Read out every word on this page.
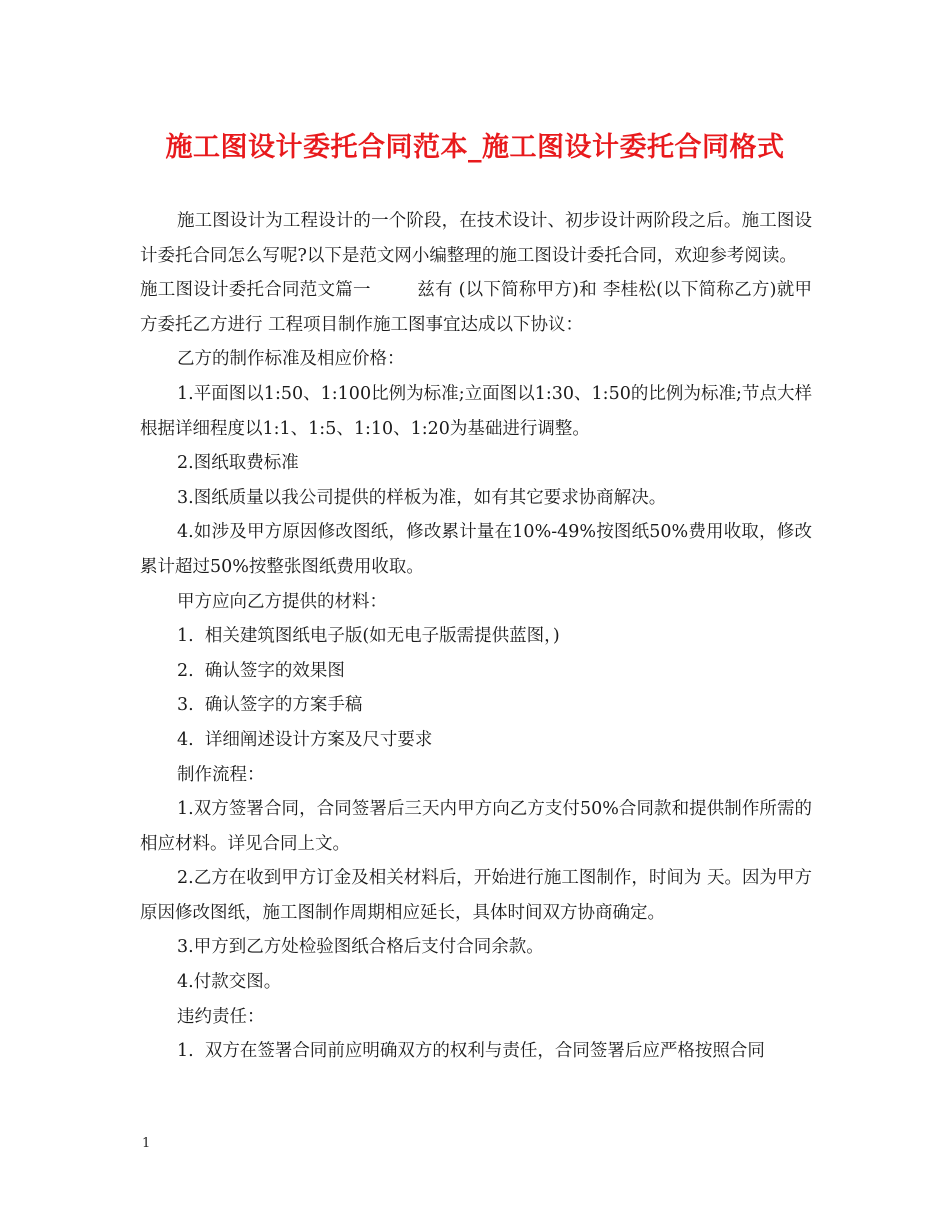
施工图设计委托合同范本_施工图设计委托合同格式

施工图设计为工程设计的一个阶段，在技术设计、初步设计两阶段之后。施工图设计委托合同怎么写呢?以下是范文网小编整理的施工图设计委托合同，欢迎参考阅读。

施工图设计委托合同范文篇一        兹有 (以下简称甲方)和 李桂松(以下简称乙方)就甲方委托乙方进行 工程项目制作施工图事宜达成以下协议：

乙方的制作标准及相应价格：

1.平面图以1:50、1:100比例为标准;立面图以1:30、1:50的比例为标准;节点大样根据详细程度以1:1、1:5、1:10、1:20为基础进行调整。

2.图纸取费标准

3.图纸质量以我公司提供的样板为准，如有其它要求协商解决。

4.如涉及甲方原因修改图纸，修改累计量在10%-49%按图纸50%费用收取，修改累计超过50%按整张图纸费用收取。

甲方应向乙方提供的材料：

1.  相关建筑图纸电子版(如无电子版需提供蓝图，)

2.  确认签字的效果图

3.  确认签字的方案手稿

4.  详细阐述设计方案及尺寸要求

制作流程：

1.双方签署合同，合同签署后三天内甲方向乙方支付50%合同款和提供制作所需的相应材料。详见合同上文。

2.乙方在收到甲方订金及相关材料后，开始进行施工图制作，时间为 天。因为甲方原因修改图纸，施工图制作周期相应延长，具体时间双方协商确定。

3.甲方到乙方处检验图纸合格后支付合同余款。

4.付款交图。

违约责任：

1.  双方在签署合同前应明确双方的权利与责任，合同签署后应严格按照合同

1
